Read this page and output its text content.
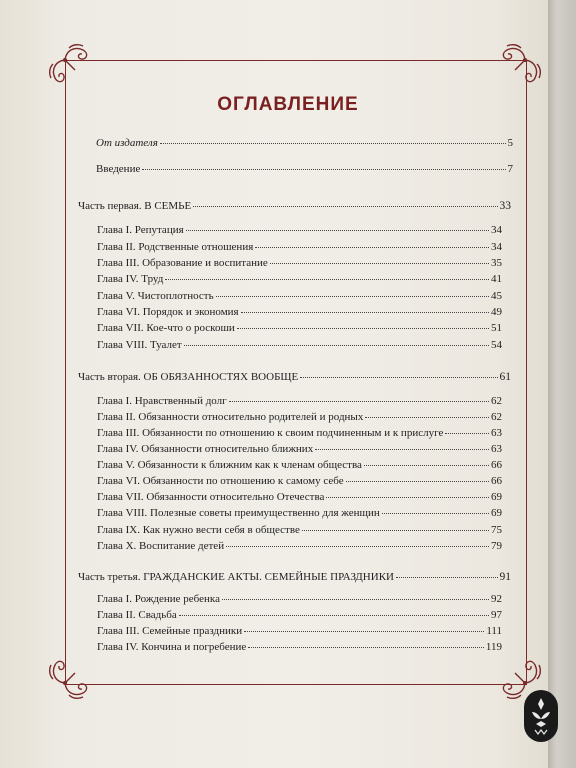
ОГЛАВЛЕНИЕ
От издателя	5
Введение	7
Часть первая. В СЕМЬЕ	33
Глава I. Репутация	34
Глава II. Родственные отношения	34
Глава III. Образование и воспитание	35
Глава IV. Труд	41
Глава V. Чистоплотность	45
Глава VI. Порядок и экономия	49
Глава VII. Кое-что о роскоши	51
Глава VIII. Туалет	54
Часть вторая. ОБ ОБЯЗАННОСТЯХ ВООБЩЕ	61
Глава I. Нравственный долг	62
Глава II. Обязанности относительно родителей и родных	62
Глава III. Обязанности по отношению к своим подчиненным и к прислуге	63
Глава IV. Обязанности относительно ближних	63
Глава V. Обязанности к ближним как к членам общества	66
Глава VI. Обязанности по отношению к самому себе	66
Глава VII. Обязанности относительно Отечества	69
Глава VIII. Полезные советы преимущественно для женщин	69
Глава IX. Как нужно вести себя в обществе	75
Глава X. Воспитание детей	79
Часть третья. ГРАЖДАНСКИЕ АКТЫ. СЕМЕЙНЫЕ ПРАЗДНИКИ	91
Глава I. Рождение ребенка	92
Глава II. Свадьба	97
Глава III. Семейные праздники	111
Глава IV. Кончина и погребение	119
